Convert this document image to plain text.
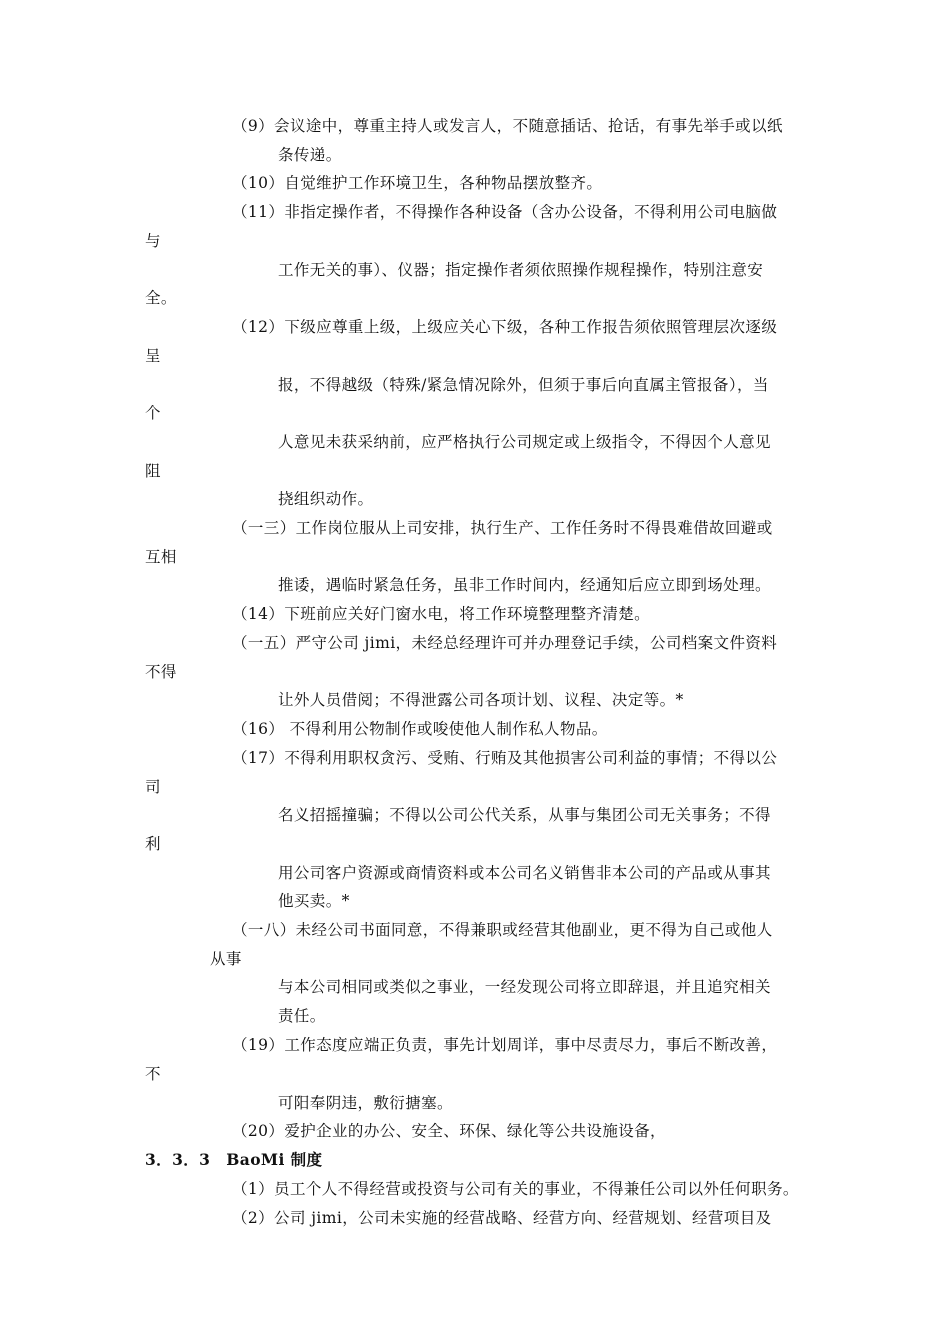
（9）会议途中，尊重主持人或发言人，不随意插话、抢话，有事先举手或以纸
条传递。
（10）自觉维护工作环境卫生，各种物品摆放整齐。
（11）非指定操作者，不得操作各种设备（含办公设备，不得利用公司电脑做
与
工作无关的事）、仪器；指定操作者须依照操作规程操作，特别注意安
全。
（12）下级应尊重上级，上级应关心下级，各种工作报告须依照管理层次逐级
呈
报，不得越级（特殊/紧急情况除外，但须于事后向直属主管报备），当
个
人意见未获采纳前，应严格执行公司规定或上级指令，不得因个人意见
阻
挠组织动作。
（一三）工作岗位服从上司安排，执行生产、工作任务时不得畏难借故回避或
互相
推诿，遇临时紧急任务，虽非工作时间内，经通知后应立即到场处理。
（14）下班前应关好门窗水电，将工作环境整理整齐清楚。
（一五）严守公司 jimi，未经总经理许可并办理登记手续，公司档案文件资料
不得
让外人员借阅；不得泄露公司各项计划、议程、决定等。*
（16） 不得利用公物制作或唆使他人制作私人物品。
（17）不得利用职权贪污、受贿、行贿及其他损害公司利益的事情；不得以公
司
名义招摇撞骗；不得以公司公代关系，从事与集团公司无关事务；不得
利
用公司客户资源或商情资料或本公司名义销售非本公司的产品或从事其
他买卖。*
（一八）未经公司书面同意，不得兼职或经营其他副业，更不得为自己或他人
从事
与本公司相同或类似之事业，一经发现公司将立即辞退，并且追究相关
责任。
（19）工作态度应端正负责，事先计划周详，事中尽责尽力，事后不断改善，
不
可阳奉阴违，敷衍搪塞。
（20）爱护企业的办公、安全、环保、绿化等公共设施设备，
3．3．3　BaoMi 制度
（1）员工个人不得经营或投资与公司有关的事业，不得兼任公司以外任何职务。
（2）公司 jimi，公司未实施的经营战略、经营方向、经营规划、经营项目及
